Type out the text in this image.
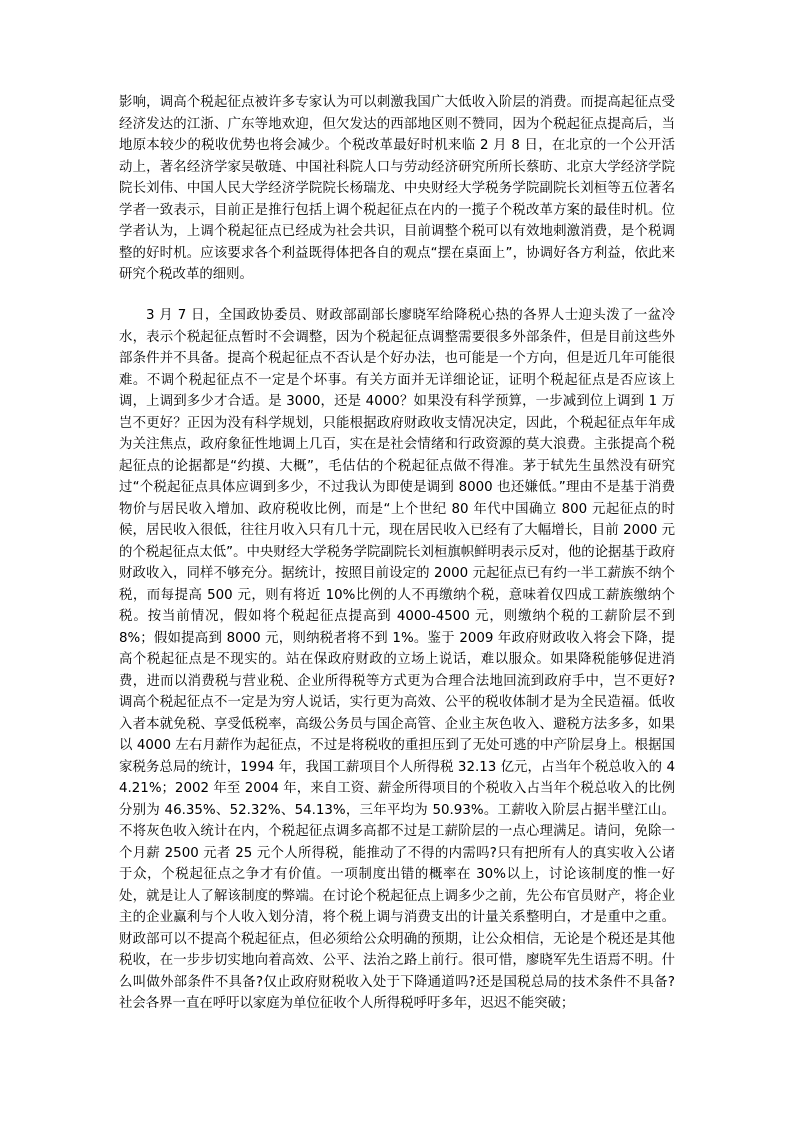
影响，调高个税起征点被许多专家认为可以刺激我国广大低收入阶层的消费。而提高起征点受经济发达的江浙、广东等地欢迎，但欠发达的西部地区则不赞同，因为个税起征点提高后，当地原本较少的税收优势也将会减少。个税改革最好时机来临 2 月 8 日，在北京的一个公开活动上，著名经济学家吴敬琏、中国社科院人口与劳动经济研究所所长蔡昉、北京大学经济学院院长刘伟、中国人民大学经济学院院长杨瑞龙、中央财经大学税务学院副院长刘桓等五位著名学者一致表示，目前正是推行包括上调个税起征点在内的一揽子个税改革方案的最佳时机。位学者认为，上调个税起征点已经成为社会共识，目前调整个税可以有效地刺激消费，是个税调整的好时机。应该要求各个利益既得体把各自的观点“摆在桌面上”，协调好各方利益，依此来研究个税改革的细则。
3 月 7 日，全国政协委员、财政部副部长廖晓军给降税心热的各界人士迎头泼了一盆冷水，表示个税起征点暂时不会调整，因为个税起征点调整需要很多外部条件，但是目前这些外部条件并不具备。提高个税起征点不否认是个好办法，也可能是一个方向，但是近几年可能很难。不调个税起征点不一定是个坏事。有关方面并无详细论证，证明个税起征点是否应该上调，上调到多少才合适。是 3000，还是 4000？如果没有科学预算，一步减到位上调到 1 万岂不更好？正因为没有科学规划，只能根据政府财政收支情况决定，因此，个税起征点年年成为关注焦点，政府象征性地调上几百，实在是社会情绪和行政资源的莫大浪费。主张提高个税起征点的论据都是“约摸、大概”，毛估估的个税起征点做不得准。茅于轼先生虽然没有研究过“个税起征点具体应调到多少，不过我认为即使是调到 8000 也还嫌低。”理由不是基于消费物价与居民收入增加、政府税收比例，而是“上个世纪 80 年代中国确立 800 元起征点的时候，居民收入很低，往往月收入只有几十元，现在居民收入已经有了大幅增长，目前 2000 元的个税起征点太低”。中央财经大学税务学院副院长刘桓旗帜鲜明表示反对，他的论据基于政府财政收入，同样不够充分。据统计，按照目前设定的 2000 元起征点已有约一半工薪族不纳个税，而每提高 500 元，则有将近 10%比例的人不再缴纳个税，意味着仅四成工薪族缴纳个税。按当前情况，假如将个税起征点提高到 4000-4500 元，则缴纳个税的工薪阶层不到 8%；假如提高到 8000 元，则纳税者将不到 1%。鉴于 2009 年政府财政收入将会下降，提高个税起征点是不现实的。站在保政府财政的立场上说话，难以服众。如果降税能够促进消费，进而以消费税与营业税、企业所得税等方式更为合理合法地回流到政府手中，岂不更好?调高个税起征点不一定是为穷人说话，实行更为高效、公平的税收体制才是为全民造福。低收入者本就免税、享受低税率，高级公务员与国企高管、企业主灰色收入、避税方法多多，如果以 4000 左右月薪作为起征点，不过是将税收的重担压到了无处可逃的中产阶层身上。根据国家税务总局的统计，1994 年，我国工薪项目个人所得税 32.13 亿元，占当年个税总收入的 44.21%；2002 年至 2004 年，来自工资、薪金所得项目的个税收入占当年个税总收入的比例分别为 46.35%、52.32%、54.13%，三年平均为 50.93%。工薪收入阶层占据半壁江山。不将灰色收入统计在内，个税起征点调多高都不过是工薪阶层的一点心理满足。请问，免除一个月薪 2500 元者 25 元个人所得税，能推动了不得的内需吗?只有把所有人的真实收入公诸于众，个税起征点之争才有价值。一项制度出错的概率在 30%以上，讨论该制度的惟一好处，就是让人了解该制度的弊端。在讨论个税起征点上调多少之前，先公布官员财产，将企业主的企业赢利与个人收入划分清，将个税上调与消费支出的计量关系整明白，才是重中之重。财政部可以不提高个税起征点，但必须给公众明确的预期，让公众相信，无论是个税还是其他税收，在一步步切实地向着高效、公平、法治之路上前行。很可惜，廖晓军先生语焉不明。什么叫做外部条件不具备?仅止政府财税收入处于下降通道吗?还是国税总局的技术条件不具备?社会各界一直在呼吁以家庭为单位征收个人所得税呼吁多年，迟迟不能突破；
